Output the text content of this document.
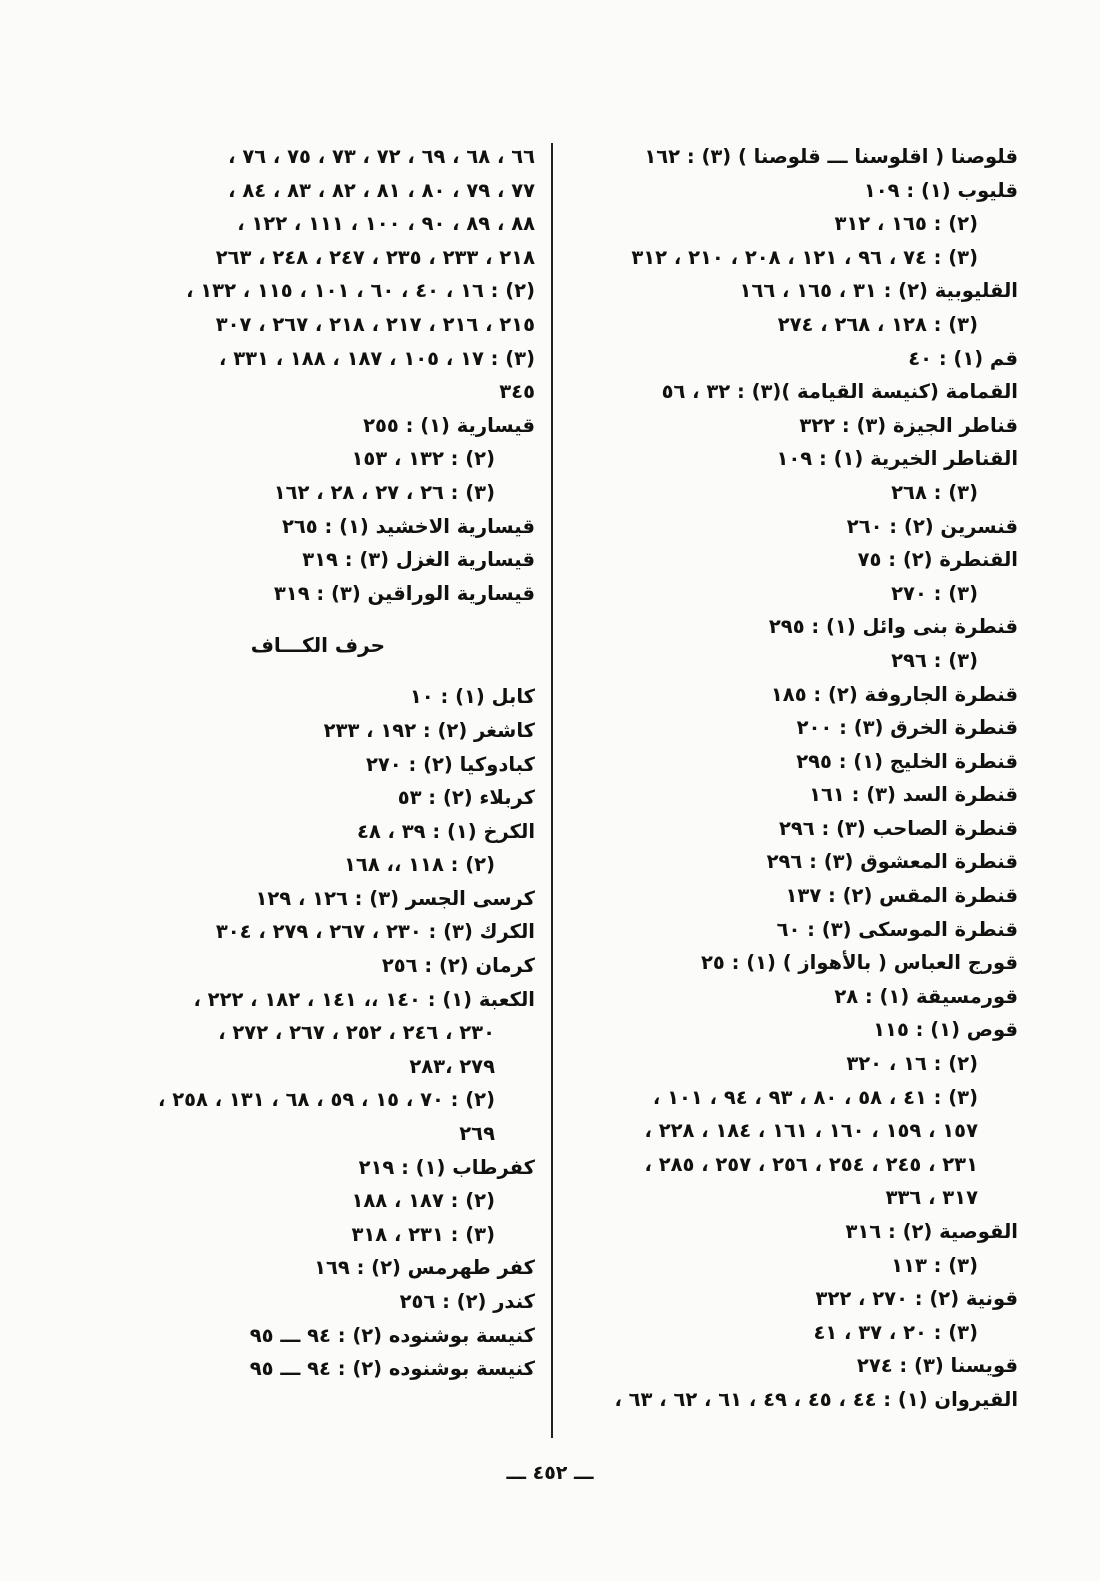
قلوصنا ( اقلوسنا ـــ قلوصنا ) (٣) : ١٦٢
قليوب (١) : ١٠٩
(٢) : ١٦٥ ، ٣١٢
(٣) : ٧٤ ، ٩٦ ، ١٢١ ، ٢٠٨ ، ٢١٠ ، ٣١٢
القليوبية (٢) : ٣١ ، ١٦٥ ، ١٦٦
(٣) : ١٢٨ ، ٢٦٨ ، ٢٧٤
قم (١) : ٤٠
القمامة (كنيسة القيامة )(٣) : ٣٢ ، ٥٦
قناطر الجيزة (٣) : ٣٢٢
القناطر الخيرية (١) : ١٠٩
(٣) : ٢٦٨
قنسرين (٢) : ٢٦٠
القنطرة (٢) : ٧٥
(٣) : ٢٧٠
قنطرة بنى وائل (١) : ٢٩٥
(٣) : ٢٩٦
قنطرة الجاروفة (٢) : ١٨٥
قنطرة الخرق (٣) : ٢٠٠
قنطرة الخليج (١) : ٢٩٥
قنطرة السد (٣) : ١٦١
قنطرة الصاحب (٣) : ٢٩٦
قنطرة المعشوق (٣) : ٢٩٦
قنطرة المقس (٢) : ١٣٧
قنطرة الموسكى (٣) : ٦٠
قورج العباس ( بالأهواز ) (١) : ٢٥
قورمسيقة (١) : ٢٨
قوص (١) : ١١٥
(٢) : ١٦ ، ٣٢٠
(٣) : ٤١ ، ٥٨ ، ٨٠ ، ٩٣ ، ٩٤ ، ١٠١ ،
١٥٧ ، ١٥٩ ، ١٦٠ ، ١٦١ ، ١٨٤ ، ٢٢٨ ،
٢٣١ ، ٢٤٥ ، ٢٥٤ ، ٢٥٦ ، ٢٥٧ ، ٢٨٥ ،
٣١٧ ، ٣٣٦
القوصية (٢) : ٣١٦
(٣) : ١١٣
قونية (٢) : ٢٧٠ ، ٣٢٢
(٣) : ٢٠ ، ٣٧ ، ٤١
قويسنا (٣) : ٢٧٤
القيروان (١) : ٤٤ ، ٤٥ ، ٤٩ ، ٦١ ، ٦٢ ، ٦٣ ،
٦٦ ، ٦٨ ، ٦٩ ، ٧٢ ، ٧٣ ، ٧٥ ، ٧٦ ،
٧٧ ، ٧٩ ، ٨٠ ، ٨١ ، ٨٢ ، ٨٣ ، ٨٤ ،
٨٨ ، ٨٩ ، ٩٠ ، ١٠٠ ، ١١١ ، ١٢٢ ،
٢١٨ ، ٢٣٣ ، ٢٣٥ ، ٢٤٧ ، ٢٤٨ ، ٢٦٣
(٢) : ١٦ ، ٤٠ ، ٦٠ ، ١٠١ ، ١١٥ ، ١٣٢ ،
٢١٥ ، ٢١٦ ، ٢١٧ ، ٢١٨ ، ٢٦٧ ، ٣٠٧
(٣) : ١٧ ، ١٠٥ ، ١٨٧ ، ١٨٨ ، ٣٣١ ،
٣٤٥
قيسارية (١) : ٢٥٥
(٢) : ١٣٢ ، ١٥٣
(٣) : ٢٦ ، ٢٧ ، ٢٨ ، ١٦٢
قيسارية الاخشيد (١) : ٢٦٥
قيسارية الغزل (٣) : ٣١٩
قيسارية الوراقين (٣) : ٣١٩
حرف الكـــاف
كابل (١) : ١٠
كاشغر (٢) : ١٩٢ ، ٢٣٣
كبادوكيا (٢) : ٢٧٠
كربلاء (٢) : ٥٣
الكرخ (١) : ٣٩ ، ٤٨
(٢) : ١١٨ ،، ١٦٨
كرسى الجسر (٣) : ١٢٦ ، ١٢٩
الكرك (٣) : ٢٣٠ ، ٢٦٧ ، ٢٧٩ ، ٣٠٤
كرمان (٢) : ٢٥٦
الكعبة (١) : ١٤٠ ،، ١٤١ ، ١٨٢ ، ٢٢٢ ،
٢٣٠ ، ٢٤٦ ، ٢٥٢ ، ٢٦٧ ، ٢٧٢ ،
٢٧٩ ،٢٨٣
(٢) : ٧٠ ، ١٥ ، ٥٩ ، ٦٨ ، ١٣١ ، ٢٥٨ ،
٢٦٩
كفرطاب (١) : ٢١٩
(٢) : ١٨٧ ، ١٨٨
(٣) : ٢٣١ ، ٣١٨
كفر طهرمس (٢) : ١٦٩
كندر (٢) : ٢٥٦
كنيسة بوشنوده (٢) : ٩٤ ـــ ٩٥
كنيسة بوشنوده (٢) : ٩٤ ـــ ٩٥
ـــ ٤٥٢ ـــ
